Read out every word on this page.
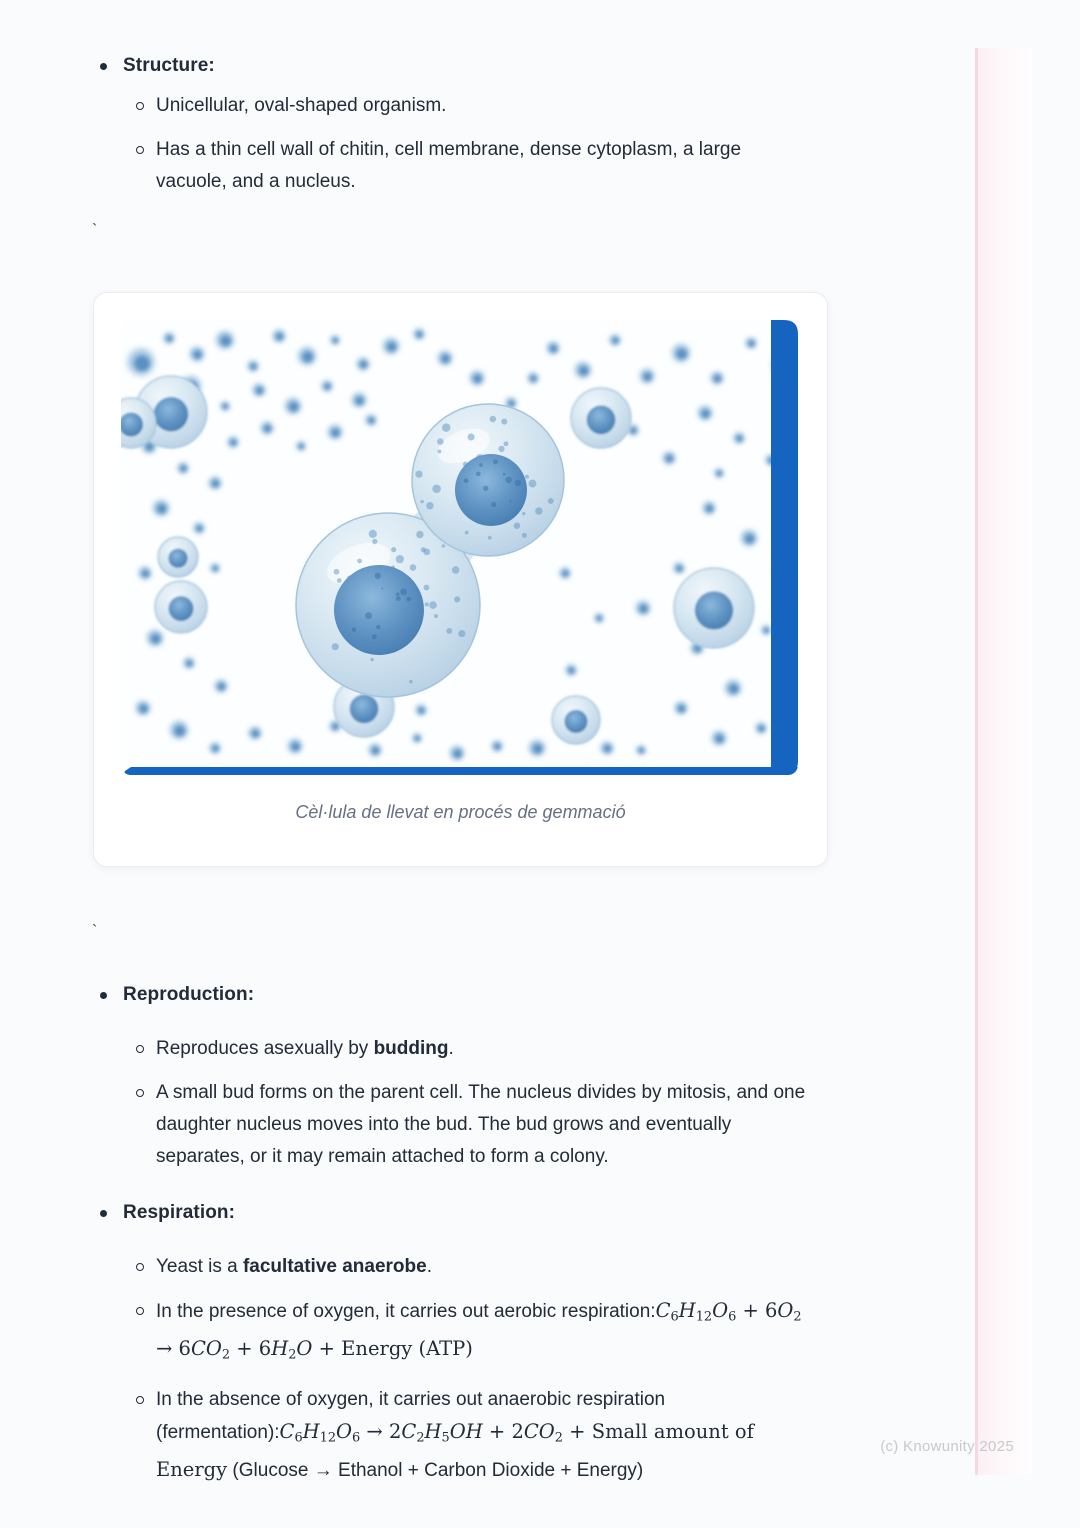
Structure:
Unicellular, oval-shaped organism.
Has a thin cell wall of chitin, cell membrane, dense cytoplasm, a large vacuole, and a nucleus.
`
Cèl·lula de llevat en procés de gemmació
`
Reproduction:
Reproduces asexually by budding.
A small bud forms on the parent cell. The nucleus divides by mitosis, and one daughter nucleus moves into the bud. The bud grows and eventually separates, or it may remain attached to form a colony.
Respiration:
Yeast is a facultative anaerobe.
In the presence of oxygen, it carries out aerobic respiration:C6H12O6 + 6O2 → 6CO2 + 6H2O + Energy (ATP)
In the absence of oxygen, it carries out anaerobic respiration (fermentation):C6H12O6 → 2C2H5OH + 2CO2 + Small amount of Energy (Glucose → Ethanol + Carbon Dioxide + Energy)
(c) Knowunity 2025
